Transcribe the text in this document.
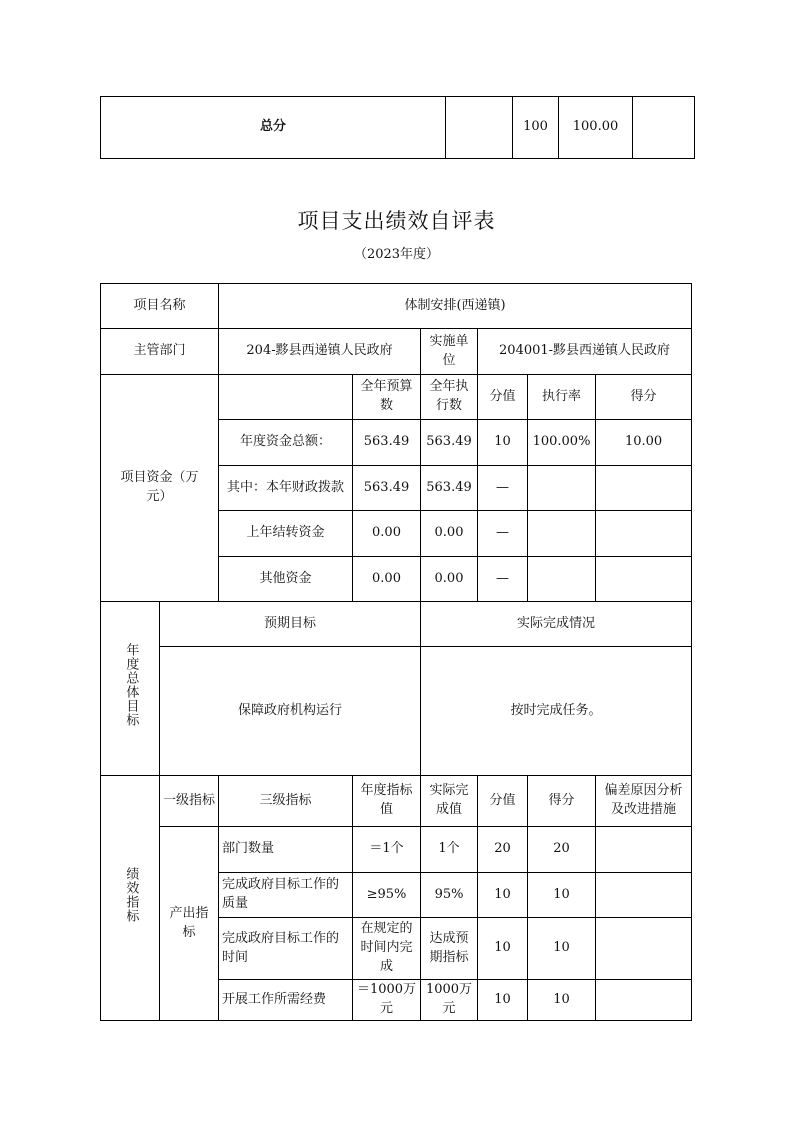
总分		100	100.00	
项目支出绩效自评表
（2023年度）
项目名称		体制安排(西递镇)					
主管部门		204-黟县西递镇人民政府		实施单位	204001-黟县西递镇人民政府		

项目资金（万元）			全年预算数	全年执行数	分值	执行率	得分
		年度资金总额：	563.49	563.49	10	100.00%	10.00
		其中：本年财政拨款	563.49	563.49	—		
		上年结转资金	0.00	0.00	—		
		其他资金	0.00	0.00	—		
年度总体目标	预期目标			实际完成情况			
	保障政府机构运行			按时完成任务。			
绩效指标	一级指标	三级指标	年度指标值	实际完成值	分值	得分	偏差原因分析及改进措施

	产出指标	部门数量	＝1个	1个	20	20	
		完成政府目标工作的质量	≥95%	95%	10	10	
		完成政府目标工作的时间	在规定的时间内完成	达成预期指标	10	10	
		开展工作所需经费	＝1000万元	1000万元	10	10	
